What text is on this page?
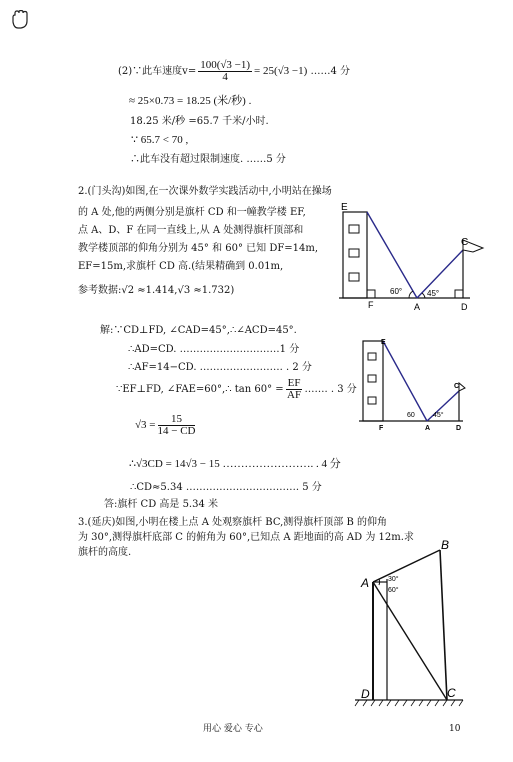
(2)∵此车速度$v= \frac{100(√3 -1)}{4} = 25(√3 -1)$ ……4 分
≈ 25×0.73 = 18.25 (米/秒) .
18.25 米/秒 =65.7 千米/小时.
∵ 65.7 < 70 ,
∴此车没有超过限制速度. ……5 分
2.(门头沟)如图,在一次课外数学实践活动中,小明站在操场
的 A 处,他的两侧分别是旗杆 CD 和一幢教学楼 EF,
点 A、D、F 在同一直线上,从 A 处测得旗杆顶部和
教学楼顶部的仰角分别为 45° 和 60° 已知 DF=14m,
EF=15m,求旗杆 CD 高.(结果精确到 0.01m,
参考数据:√2 ≈1.414,√3 ≈1.732)
E
C
F	A	D
60°	45°
解:∵CD⊥FD, ∠CAD=45°,∴∠ACD=45°.
∴AD=CD. …………………………1 分
∴AF=14−CD. ……………………. . 2 分
∵EF⊥FD, ∠FAE=60°,∴ $\tan 60^\circ = \frac{EF}{AF}$ ……. . 3 分
$√3 = \frac{15}{14 - CD}$
∴√3CD = 14√3 − 15 ……………………. . 4 分
∴CD≈5.34 ……………………………. 5 分
答:旗杆 CD 高是 5.34 米
E
C
F	A	D
60	45°
3.(延庆)如图,小明在楼上点 A 处观察旗杆 BC,测得旗杆顶部 B 的仰角
为 30°,测得旗杆底部 C 的俯角为 60°,已知点 A 距地面的高 AD 为 12m.求
旗杆的高度.
A
B
C
D
30°
60°
用心 爱心 专心	10
